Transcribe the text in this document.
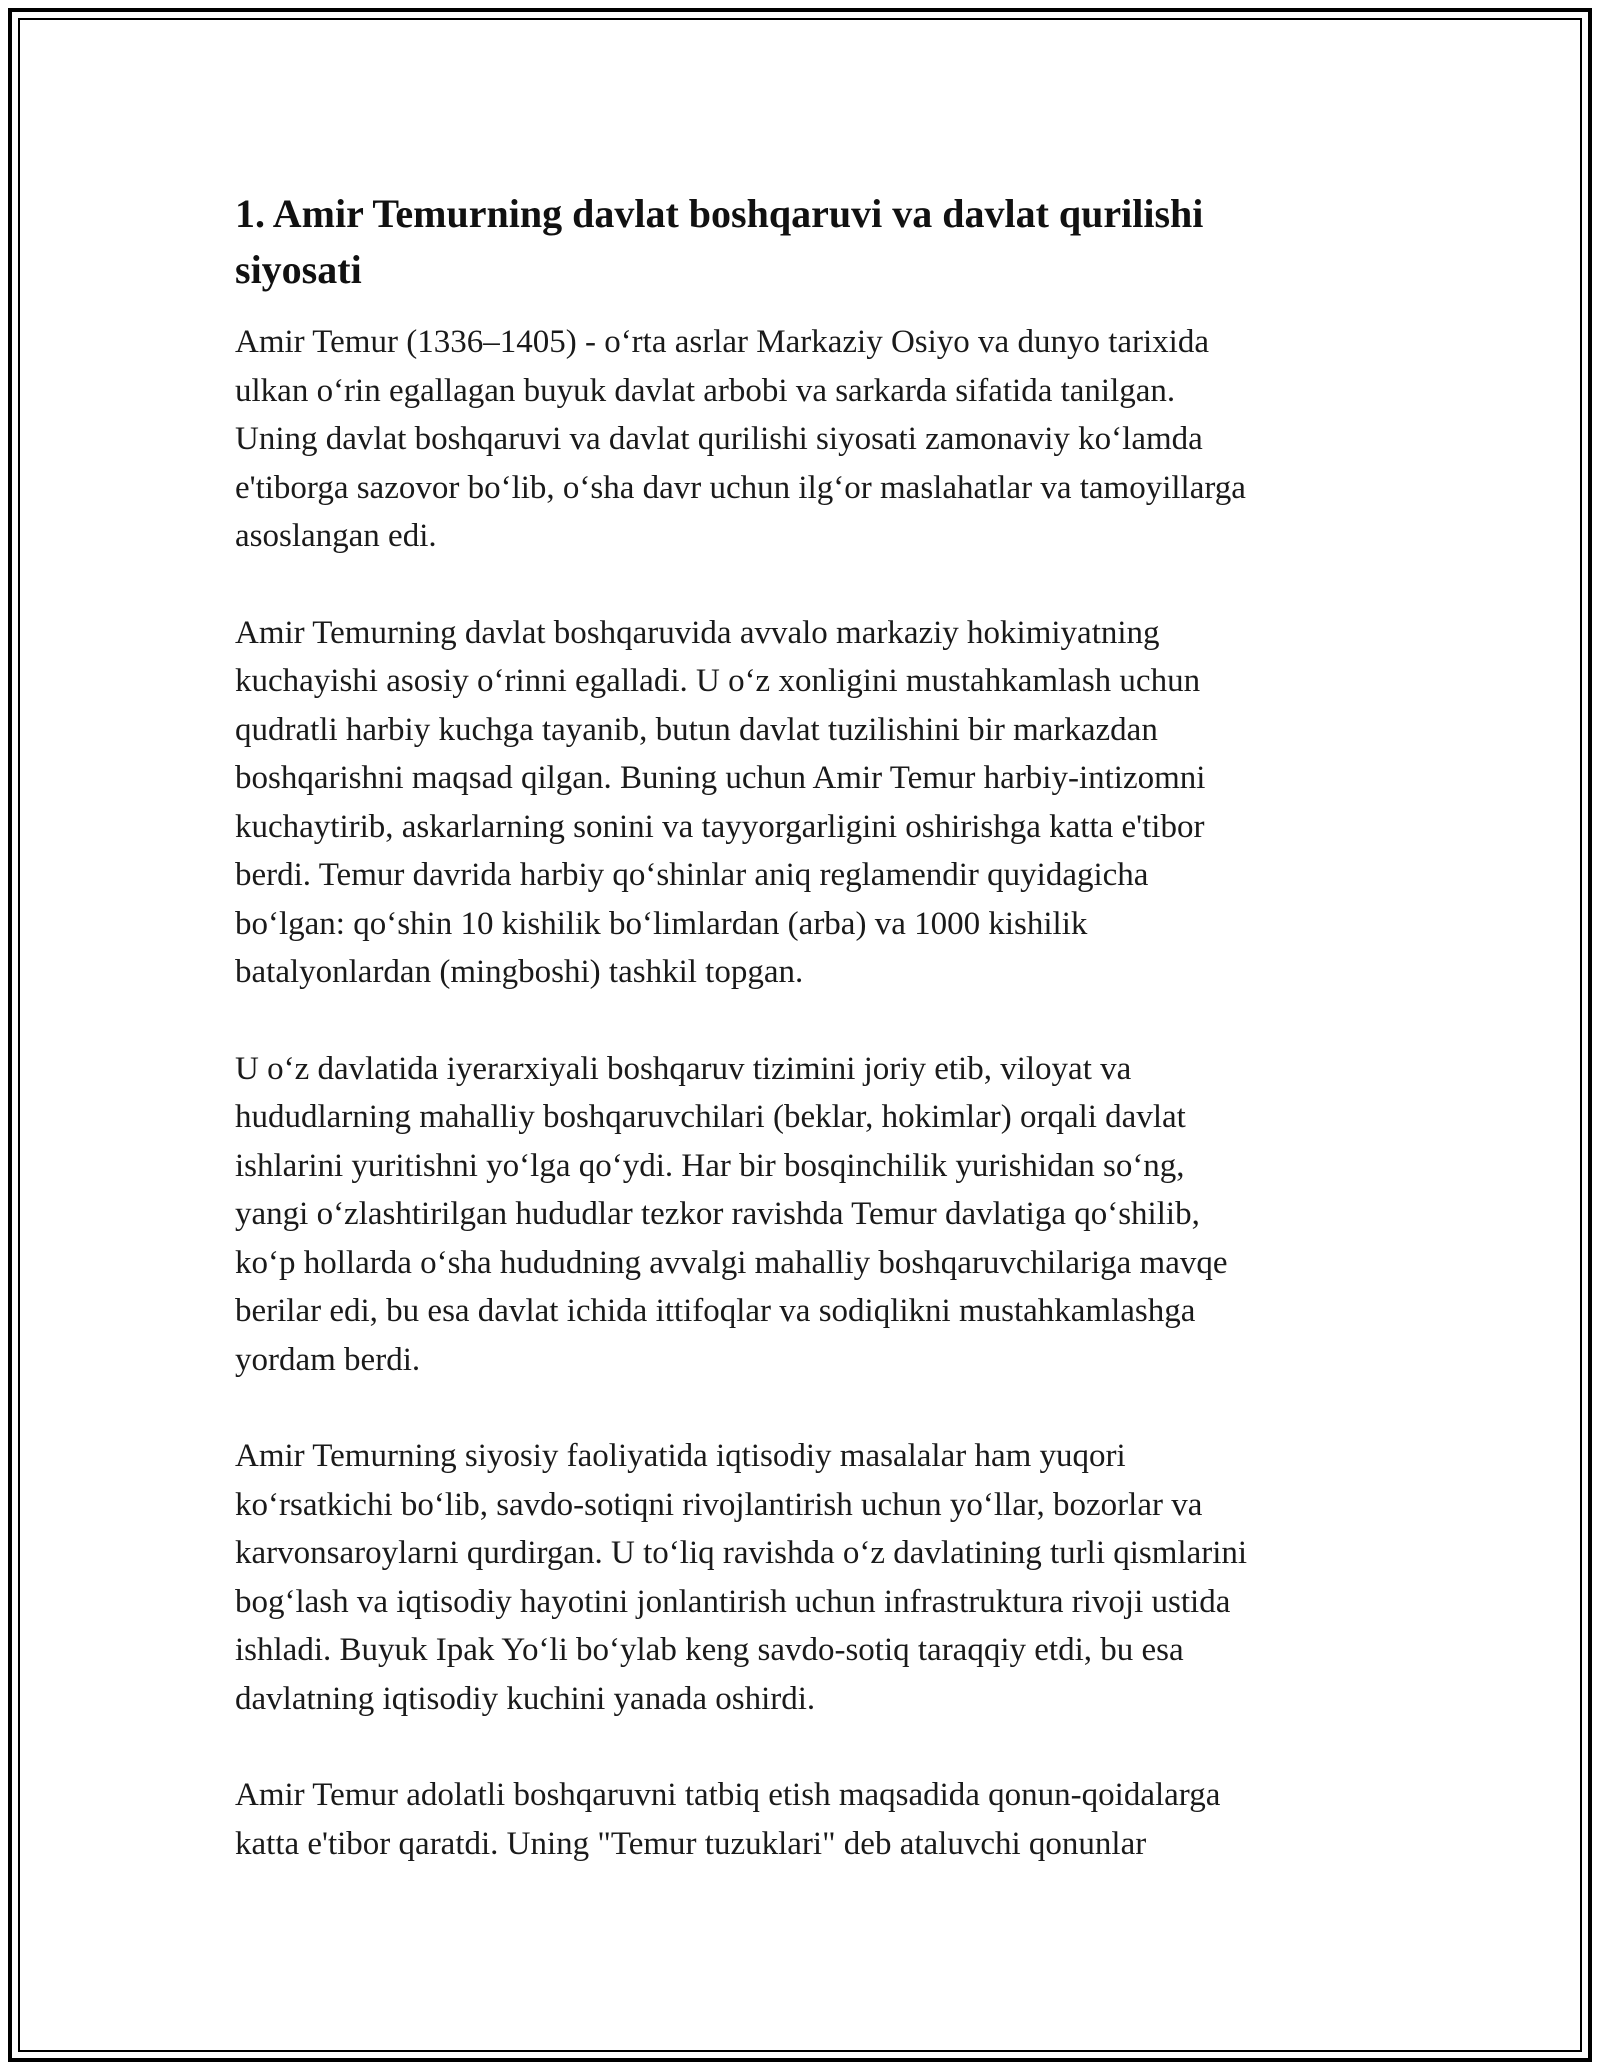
1. Amir Temurning davlat boshqaruvi va davlat qurilishi
siyosati

Amir Temur (1336–1405) - o‘rta asrlar Markaziy Osiyo va dunyo tarixida
ulkan o‘rin egallagan buyuk davlat arbobi va sarkarda sifatida tanilgan.
Uning davlat boshqaruvi va davlat qurilishi siyosati zamonaviy ko‘lamda
e'tiborga sazovor bo‘lib, o‘sha davr uchun ilg‘or maslahatlar va tamoyillarga
asoslangan edi.

Amir Temurning davlat boshqaruvida avvalo markaziy hokimiyatning
kuchayishi asosiy o‘rinni egalladi. U o‘z xonligini mustahkamlash uchun
qudratli harbiy kuchga tayanib, butun davlat tuzilishini bir markazdan
boshqarishni maqsad qilgan. Buning uchun Amir Temur harbiy-intizomni
kuchaytirib, askarlarning sonini va tayyorgarligini oshirishga katta e'tibor
berdi. Temur davrida harbiy qo‘shinlar aniq reglamendir quyidagicha
bo‘lgan: qo‘shin 10 kishilik bo‘limlardan (arba) va 1000 kishilik
batalyonlardan (mingboshi) tashkil topgan.

U o‘z davlatida iyerarxiyali boshqaruv tizimini joriy etib, viloyat va
hududlarning mahalliy boshqaruvchilari (beklar, hokimlar) orqali davlat
ishlarini yuritishni yo‘lga qo‘ydi. Har bir bosqinchilik yurishidan so‘ng,
yangi o‘zlashtirilgan hududlar tezkor ravishda Temur davlatiga qo‘shilib,
ko‘p hollarda o‘sha hududning avvalgi mahalliy boshqaruvchilariga mavqe
berilar edi, bu esa davlat ichida ittifoqlar va sodiqlikni mustahkamlashga
yordam berdi.

Amir Temurning siyosiy faoliyatida iqtisodiy masalalar ham yuqori
ko‘rsatkichi bo‘lib, savdo-sotiqni rivojlantirish uchun yo‘llar, bozorlar va
karvonsaroylarni qurdirgan. U to‘liq ravishda o‘z davlatining turli qismlarini
bog‘lash va iqtisodiy hayotini jonlantirish uchun infrastruktura rivoji ustida
ishladi. Buyuk Ipak Yo‘li bo‘ylab keng savdo-sotiq taraqqiy etdi, bu esa
davlatning iqtisodiy kuchini yanada oshirdi.

Amir Temur adolatli boshqaruvni tatbiq etish maqsadida qonun-qoidalarga
katta e'tibor qaratdi. Uning "Temur tuzuklari" deb ataluvchi qonunlar
